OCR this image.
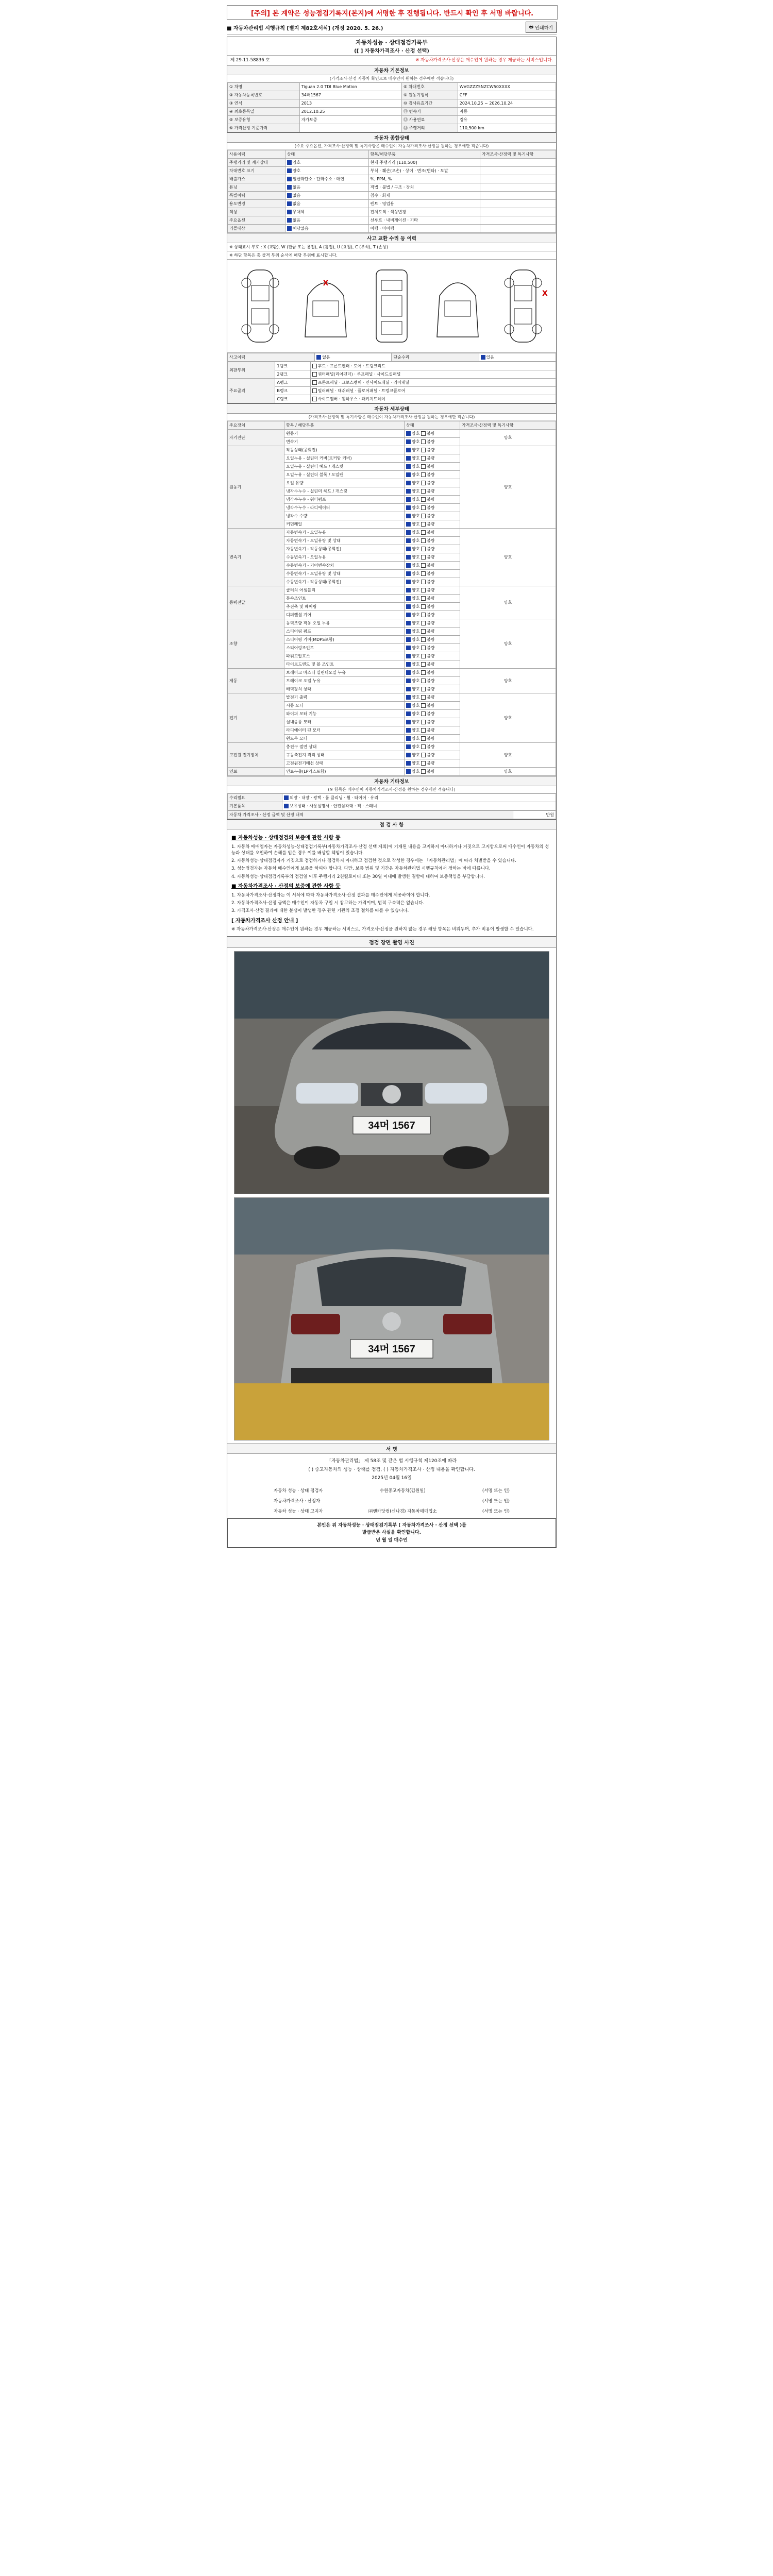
[주의] 본 계약은 성능점검기록지(본지)에 서명한 후 진행됩니다. 반드시 확인 후 서명 바랍니다.
■ 자동차관리법 시행규칙 [별지 제82호서식] (개정 2020. 5. 26.)	🖶 인쇄하기
자동차성능 · 상태점검기록부
([ ] 자동차가격조사 · 산정 선택)
제 29-11-58836 호	※ 자동차가격조사·산정은 매수인이 원하는 경우 제공하는 서비스입니다.
자동차 기본정보
(가격조사·산정 자동차 확인으로 매수인이 원하는 경우에만 적습니다)
① 차명	Tiguan 2.0 TDI Blue Motion	⑧ 차대번호	WVGZZZ5NZCW50XXXX
② 자동차등록번호	34머1567	⑨ 원동기형식	CFF
③ 연식	2013	⑩ 검사유효기간	2024.10.25 ~ 2026.10.24
④ 최초등록일	2012.10.25	⑪ 변속기	자동
⑤ 보증유형	자가보증	⑫ 사용연료	경유
⑥ 가격산정 기준가격		⑬ 주행거리	110,500 km
자동차 종합상태
(주요 주요옵션, 가격조사·산정액 및 특기사항은 매수인이 자동차가격조사·산정을 원하는 경우에만 적습니다)
사용이력	상태	항목/해당부품	가격조사·산정액 및 특기사항
주행거리 및 계기상태	양호	현재 주행거리 [110,500]	
차대번호 표기	양호	부식 · 훼손(오손) · 상이 · 변조(변타) · 도말	
배출가스	일산화탄소 · 탄화수소 · 매연	%, PPM, %	
튜닝	없음	적법 · 불법 / 구조 · 장치	
특별이력	없음	침수 · 화재	
용도변경	없음	렌트 · 영업용	
색상	무채색	전체도색 · 색상변경	
주요옵션	없음	선루프 · 내비게이션 · 기타	
리콜대상	해당없음	이행 · 미이행	
사고 교환 수리 등 이력
※ 상태표시 부호 : X (교환), W (판금 또는 용접), A (흠집), U (요철), C (부식), T (손상)
※ 하단 항목은 총 골격 부위 순서에 해당 부위에 표시합니다.
X
X
사고이력	없음	단순수리	있음
외판부위	1랭크	후드 · 프론트펜더 · 도어 · 트렁크리드
	2랭크	쿼터패널(리어펜더) · 루프패널 · 사이드실패널
주요골격	A랭크	프론트패널 · 크로스멤버 · 인사이드패널 · 리어패널
	B랭크	필러패널 · 대쉬패널 · 플로어패널 · 트렁크플로어
	C랭크	사이드멤버 · 휠하우스 · 패키지트레이
자동차 세부상태
(가격조사·산정액 및 특기사항은 매수인이 자동차가격조사·산정을 원하는 경우에만 적습니다)
주요장치	항목 / 해당부품	상태	가격조사·산정액 및 특기사항
자기진단	원동기	양호 불량	양호
	변속기	양호 불량	
원동기	작동상태(공회전)	양호 불량	양호
	오일누유 - 실린더 커버(로커암 커버)	양호 불량	
	오일누유 - 실린더 헤드 / 개스킷	양호 불량	
	오일누유 - 실린더 블록 / 오일팬	양호 불량	
	오일 유량	양호 불량	
	냉각수누수 - 실린더 헤드 / 개스킷	양호 불량	
	냉각수누수 - 워터펌프	양호 불량	
	냉각수누수 - 라디에이터	양호 불량	
	냉각수 수량	양호 불량	
	커먼레일	양호 불량	
변속기	자동변속기 - 오일누유	양호 불량	양호
	자동변속기 - 오일유량 및 상태	양호 불량	
	자동변속기 - 작동상태(공회전)	양호 불량	
	수동변속기 - 오일누유	양호 불량	
	수동변속기 - 기어변속장치	양호 불량	
	수동변속기 - 오일유량 및 상태	양호 불량	
	수동변속기 - 작동상태(공회전)	양호 불량	
동력전달	클러치 어셈블리	양호 불량	양호
	등속조인트	양호 불량	
	추진축 및 베어링	양호 불량	
	디퍼렌셜 기어	양호 불량	
조향	동력조향 작동 오일 누유	양호 불량	양호
	스티어링 펌프	양호 불량	
	스티어링 기어(MDPS포함)	양호 불량	
	스티어링조인트	양호 불량	
	파워고압호스	양호 불량	
	타이로드엔드 및 볼 조인트	양호 불량	
제동	브레이크 마스터 실린더오일 누유	양호 불량	양호
	브레이크 오일 누유	양호 불량	
	배력장치 상태	양호 불량	
전기	발전기 출력	양호 불량	양호
	시동 모터	양호 불량	
	와이퍼 모터 기능	양호 불량	
	실내송풍 모터	양호 불량	
	라디에이터 팬 모터	양호 불량	
	윈도우 모터	양호 불량	
고전원 전기장치	충전구 절연 상태	양호 불량	양호
	구동축전지 격리 상태	양호 불량	
	고전원전기배선 상태	양호 불량	
연료	연료누출(LP가스포함)	양호 불량	양호
자동차 기타정보
(※ 항목은 매수인이 자동차가격조사·산정을 원하는 경우에만 적습니다)
수리필요	외장 · 내장 · 광택 · 룸 클리닝 · 휠 · 타이어 · 유리
기본품목	보유상태 · 사용설명서 · 안전삼각대 · 잭 · 스패너
자동차 가격조사 · 산정 금액 및 산정 내역	만원
점 검 사 항
■ 자동차성능 · 상태점검의 보증에 관한 사항 등

1. 자동차 매매업자는 자동차성능·상태점검기록부(자동차가격조사·산정 선택 제외)에 기재된 내용을 고지하지 아니하거나 거짓으로 고지함으로써 매수인이 자동차의 성능과 상태를 오인하여 손해를 입은 경우 이를 배상할 책임이 있습니다.

2. 자동차성능·상태점검자가 거짓으로 점검하거나 점검하지 아니하고 점검한 것으로 작성한 경우에는 「자동차관리법」에 따라 처벌받을 수 있습니다.

3. 성능점검자는 자동차 매수인에게 보증을 하여야 합니다. 다만, 보증 범위 및 기간은 자동차관리법 시행규칙에서 정하는 바에 따릅니다.

4. 자동차성능·상태점검기록부의 점검일 이후 주행거리 2천킬로미터 또는 30일 이내에 발생한 결함에 대하여 보증책임을 부담합니다.

■ 자동차가격조사 · 산정의 보증에 관한 사항 등

1. 자동차가격조사·산정자는 이 서식에 따라 자동차가격조사·산정 결과를 매수인에게 제공하여야 합니다.

2. 자동차가격조사·산정 금액은 매수인이 자동차 구입 시 참고하는 가격이며, 법적 구속력은 없습니다.

3. 가격조사·산정 결과에 대한 분쟁이 발생한 경우 관련 기관의 조정 절차를 따를 수 있습니다.

[ 자동차가격조사 산정 안내 ]

※ 자동차가격조사·산정은 매수인이 원하는 경우 제공하는 서비스로, 가격조사·산정을 원하지 않는 경우 해당 항목은 비워두며, 추가 비용이 발생할 수 있습니다.

점검 장면 촬영 사진
34머 1567
34머 1567
서 명
「자동차관리법」 제 58조 및 같은 법 시행규칙 제120조에 따라
( ) 중고자동차의 성능 · 상태를 점검, ( ) 자동차가격조사 · 산정 내용을 확인합니다.
2025년 04월 16일
자동차 성능 · 상태 점검자	수원중고자동차(김원일)	(서명 또는 인)
자동차가격조사 · 산정자	(서명 또는 인)
자동차 성능 · 상태 고지자	㈜엔카닷컴(신나경) 자동차매매업소	(서명 또는 인)
본인은 위 자동차성능 · 상태점검기록부 ( 자동차가격조사 · 산정 선택 )를
발급받은 사실을 확인합니다.
년 월 일 매수인
